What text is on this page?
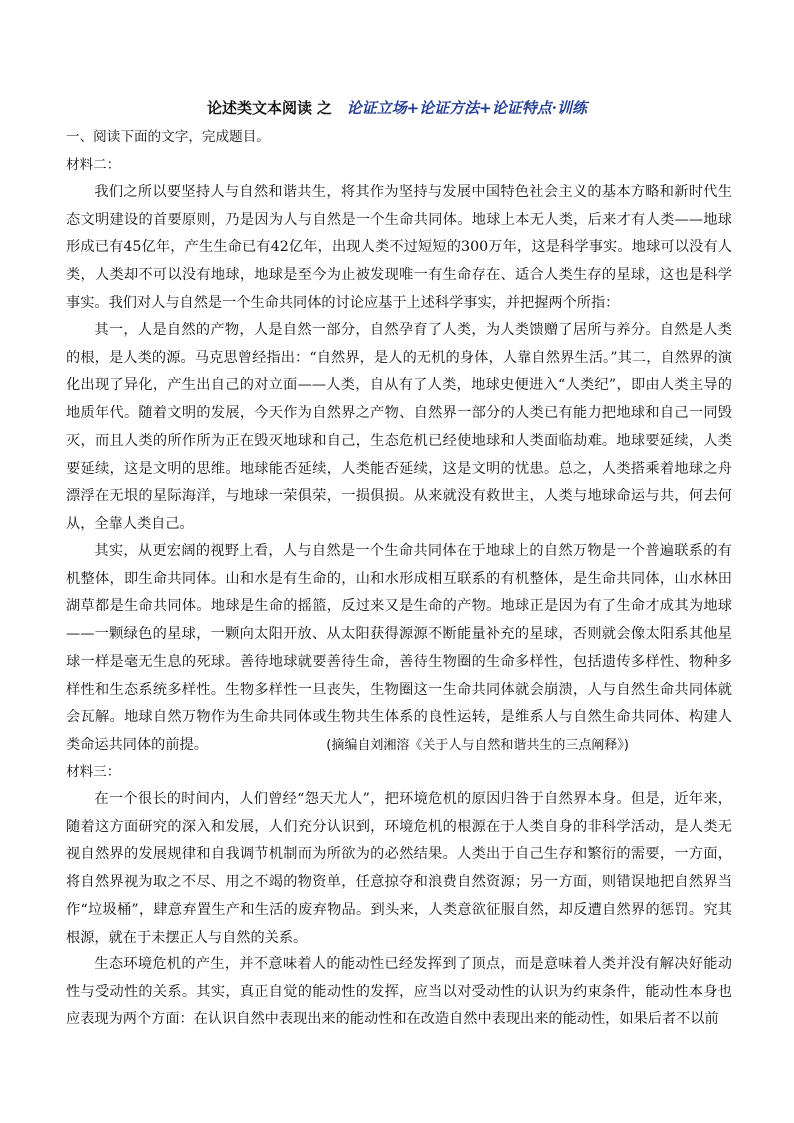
论述类文本阅读 之 论证立场+论证方法+论证特点·训练
一、阅读下面的文字，完成题目。
材料二：
我们之所以要坚持人与自然和谐共生，将其作为坚持与发展中国特色社会主义的基本方略和新时代生态文明建设的首要原则，乃是因为人与自然是一个生命共同体。地球上本无人类，后来才有人类——地球形成已有45亿年，产生生命已有42亿年，出现人类不过短短的300万年，这是科学事实。地球可以没有人类，人类却不可以没有地球，地球是至今为止被发现唯一有生命存在、适合人类生存的星球，这也是科学事实。我们对人与自然是一个生命共同体的讨论应基于上述科学事实，并把握两个所指：
其一，人是自然的产物，人是自然一部分，自然孕育了人类，为人类馈赠了居所与养分。自然是人类的根，是人类的源。马克思曾经指出：“自然界，是人的无机的身体，人靠自然界生活。”其二，自然界的演化出现了异化，产生出自己的对立面——人类，自从有了人类，地球史便进入“人类纪”，即由人类主导的地质年代。随着文明的发展，今天作为自然界之产物、自然界一部分的人类已有能力把地球和自己一同毁灭，而且人类的所作所为正在毁灭地球和自己，生态危机已经使地球和人类面临劫难。地球要延续，人类要延续，这是文明的思维。地球能否延续，人类能否延续，这是文明的忧患。总之，人类搭乘着地球之舟漂浮在无垠的星际海洋，与地球一荣俱荣，一损俱损。从来就没有救世主，人类与地球命运与共，何去何从，全靠人类自己。
其实，从更宏阔的视野上看，人与自然是一个生命共同体在于地球上的自然万物是一个普遍联系的有机整体，即生命共同体。山和水是有生命的，山和水形成相互联系的有机整体，是生命共同体，山水林田湖草都是生命共同体。地球是生命的摇篮，反过来又是生命的产物。地球正是因为有了生命才成其为地球——一颗绿色的星球，一颗向太阳开放、从太阳获得源源不断能量补充的星球，否则就会像太阳系其他星球一样是毫无生息的死球。善待地球就要善待生命，善待生物圈的生命多样性，包括遗传多样性、物种多样性和生态系统多样性。生物多样性一旦丧失，生物圈这一生命共同体就会崩溃，人与自然生命共同体就会瓦解。地球自然万物作为生命共同体或生物共生体系的良性运转，是维系人与自然生命共同体、构建人类命运共同体的前提。	(摘编自刘湘溶《关于人与自然和谐共生的三点阐释》)
材料三：
在一个很长的时间内，人们曾经“怨天尤人”，把环境危机的原因归咎于自然界本身。但是，近年来，随着这方面研究的深入和发展，人们充分认识到，环境危机的根源在于人类自身的非科学活动，是人类无视自然界的发展规律和自我调节机制而为所欲为的必然结果。人类出于自己生存和繁衍的需要，一方面，将自然界视为取之不尽、用之不竭的物资单，任意掠夺和浪费自然资源；另一方面，则错误地把自然界当作“垃圾桶”，肆意弃置生产和生活的废弃物品。到头来，人类意欲征服自然，却反遭自然界的惩罚。究其根源，就在于未摆正人与自然的关系。
生态环境危机的产生，并不意味着人的能动性已经发挥到了顶点，而是意味着人类并没有解决好能动性与受动性的关系。其实，真正自觉的能动性的发挥，应当以对受动性的认识为约束条件，能动性本身也应表现为两个方面：在认识自然中表现出来的能动性和在改造自然中表现出来的能动性，如果后者不以前
